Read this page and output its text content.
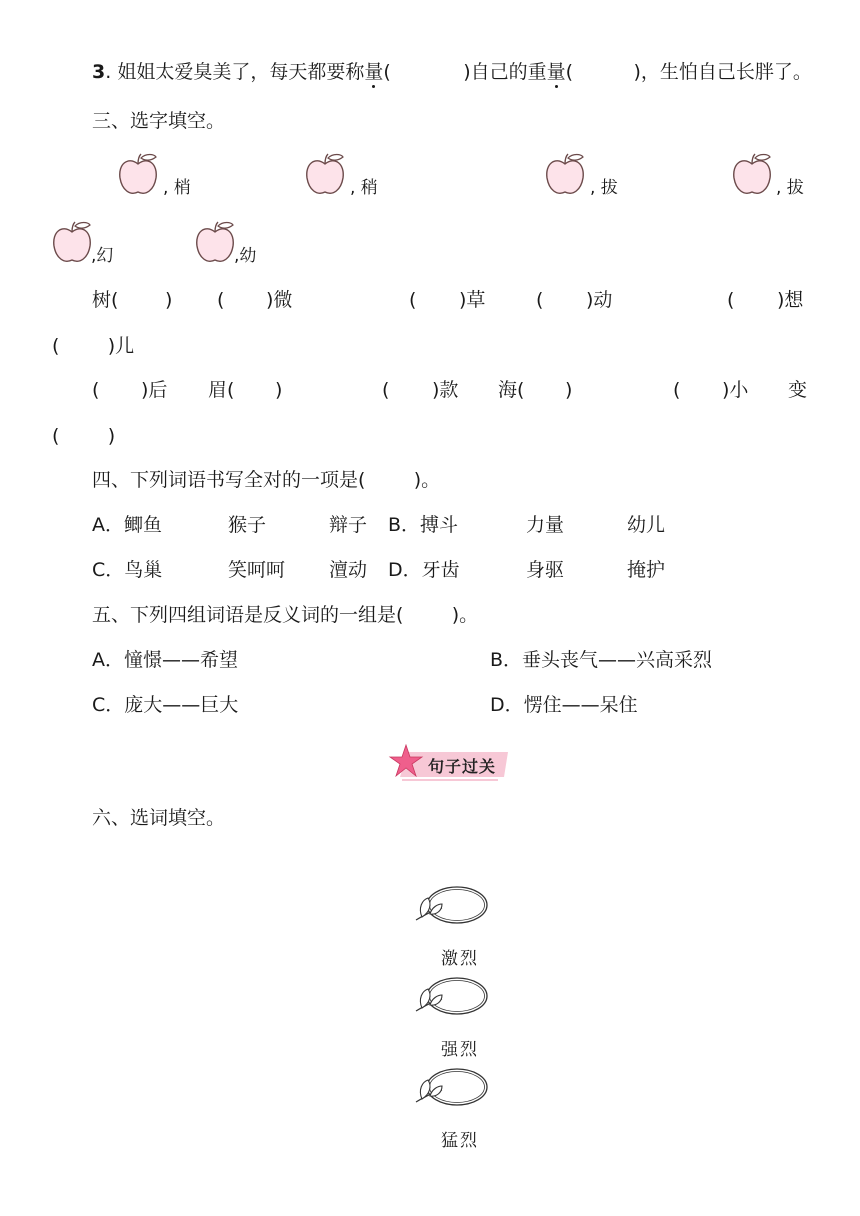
3. 姐姐太爱臭美了，每天都要称量(            )自己的重量(          )，生怕自己长胖了。
三、选字填空。
, 梢	, 稍	, 拔	, 拔
,幻	,幼
树( ) ( )微	( )草	( )动	( )想
(        )儿
( )后 眉( )	( )款 海( )	( )小 变
(        )
四、下列词语书写全对的一项是(        )。
A．鲫鱼	猴子	辩子 B．搏斗	力量	幼儿
C．鸟巢	笑呵呵 澶动 D．牙齿	身驱	掩护
五、下列四组词语是反义词的一组是(        )。
A．憧憬——希望	B．垂头丧气——兴高采烈
C．庞大——巨大	D．愣住——呆住
句子过关
六、选词填空。
激烈
强烈
猛烈
